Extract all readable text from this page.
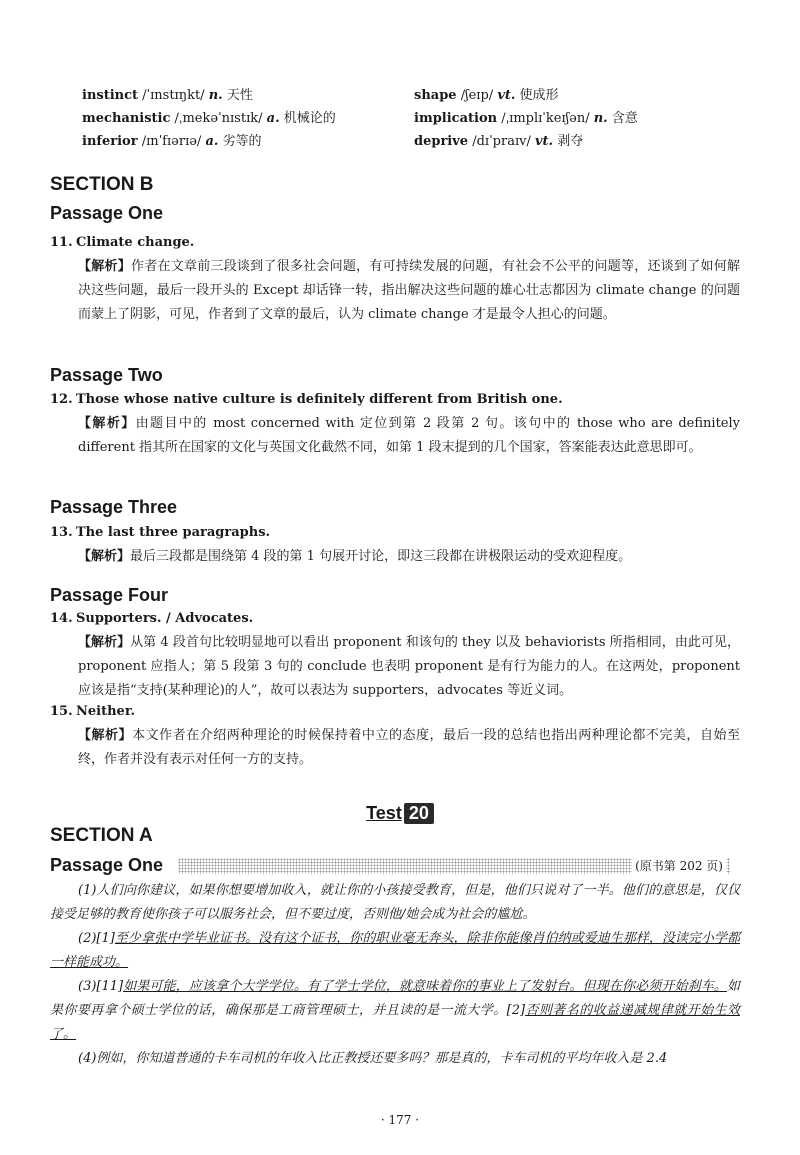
instinct /ˈɪnstɪŋkt/ n. 天性
mechanistic /ˌmekəˈnɪstɪk/ a. 机械论的
inferior /ɪnˈfɪərɪə/ a. 劣等的
shape /ʃeɪp/ vt. 使成形
implication /ˌɪmplɪˈkeɪʃən/ n. 含意
deprive /dɪˈpraɪv/ vt. 剥夺
SECTION B
Passage One
11. Climate change.
【解析】作者在文章前三段谈到了很多社会问题，有可持续发展的问题，有社会不公平的问题等，还谈到了如何解决这些问题，最后一段开头的 Except 却话锋一转，指出解决这些问题的雄心壮志都因为 climate change 的问题而蒙上了阴影，可见，作者到了文章的最后，认为 climate change 才是最令人担心的问题。
Passage Two
12. Those whose native culture is definitely different from British one.
【解析】由题目中的 most concerned with 定位到第 2 段第 2 句。该句中的 those who are definitely different 指其所在国家的文化与英国文化截然不同，如第 1 段末提到的几个国家，答案能表达此意思即可。
Passage Three
13. The last three paragraphs.
【解析】最后三段都是围绕第 4 段的第 1 句展开讨论，即这三段都在讲极限运动的受欢迎程度。
Passage Four
14. Supporters. / Advocates.
【解析】从第 4 段首句比较明显地可以看出 proponent 和该句的 they 以及 behaviorists 所指相同，由此可见，proponent 应指人；第 5 段第 3 句的 conclude 也表明 proponent 是有行为能力的人。在这两处，proponent 应该是指“支持(某种理论)的人”，故可以表达为 supporters，advocates 等近义词。
15. Neither.
【解析】本文作者在介绍两种理论的时候保持着中立的态度，最后一段的总结也指出两种理论都不完美，自始至终，作者并没有表示对任何一方的支持。
Test 20
SECTION A
Passage One	(原书第 202 页)

(1)人们向你建议，如果你想要增加收入，就让你的小孩接受教育，但是，他们只说对了一半。他们的意思是，仅仅接受足够的教育使你孩子可以服务社会，但不要过度，否则他/她会成为社会的尴尬。

(2)[1]至少拿张中学毕业证书。没有这个证书，你的职业毫无奔头，除非你能像肖伯纳或爱迪生那样，没读完小学都一样能成功。

(3)[11]如果可能，应该拿个大学学位。有了学士学位，就意味着你的事业上了发射台。但现在你必须开始刹车。如果你要再拿个硕士学位的话，确保那是工商管理硕士，并且读的是一流大学。[2]否则著名的收益递减规律就开始生效了。

(4)例如，你知道普通的卡车司机的年收入比正教授还要多吗？那是真的，卡车司机的平均年收入是 2.4

· 177 ·
